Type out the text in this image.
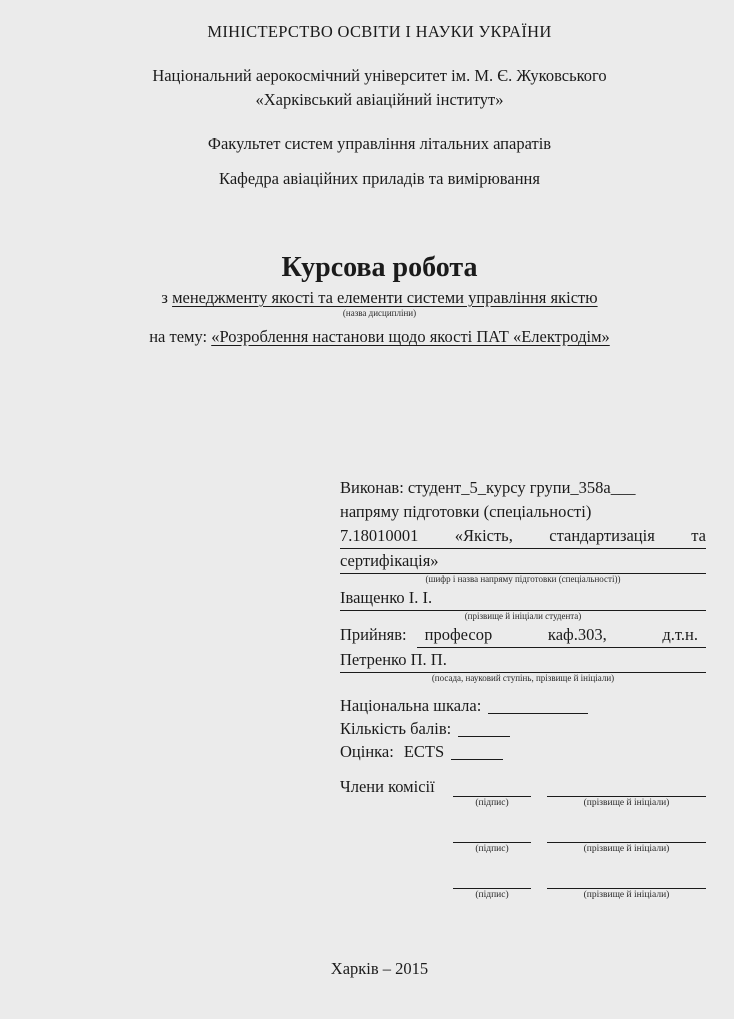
МІНІСТЕРСТВО ОСВІТИ І НАУКИ УКРАЇНИ
Національний аерокосмічний університет ім. М. Є. Жуковського
«Харківський авіаційний інститут»
Факультет систем управління літальних апаратів
Кафедра авіаційних приладів та вимірювання
Курсова робота
з менеджменту якості та елементи системи управління якістю
(назва дисципліни)
на тему: «Розроблення настанови щодо якості ПАТ «Електродім»
Виконав: студент_5_курсу групи_358а___
напряму підготовки (спеціальності)
7.18010001 «Якість, стандартизація та
сертифікація»
(шифр і назва напряму підготовки (спеціальності))
Іващенко І. І.
(прізвище й ініціали студента)
Прийняв: професор	каф.303,	д.т.н.
Петренко П. П.
(посада, науковий ступінь, прізвище й ініціали)
Національна шкала:
Кількість балів:
Оцінка: ECTS
Члени комісії
(підпис)	(прізвище й ініціали)
(підпис)	(прізвище й ініціали)
(підпис)	(прізвище й ініціали)
Харків – 2015
